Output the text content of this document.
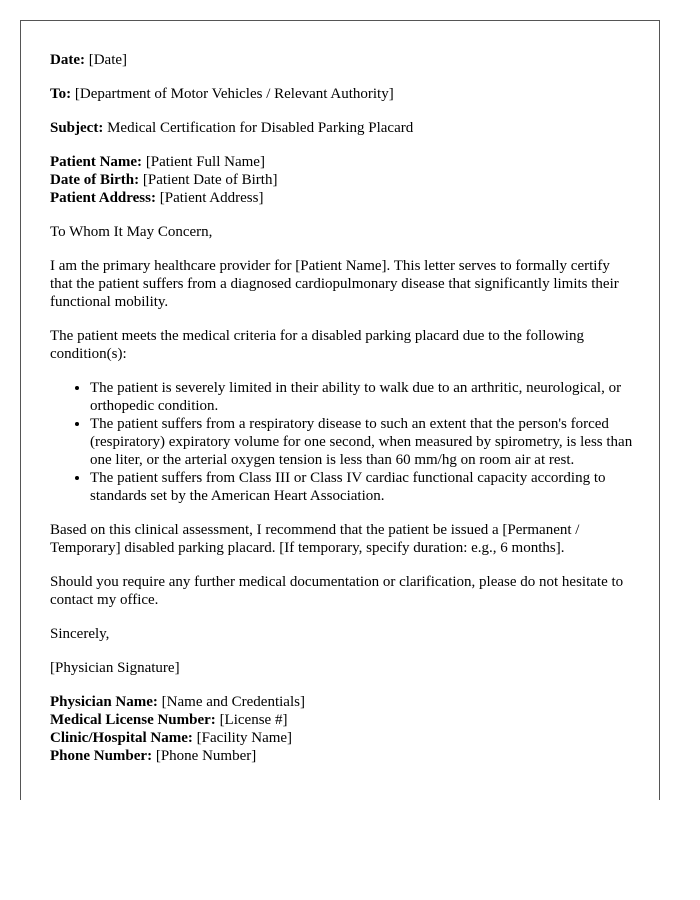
Date: [Date]

To: [Department of Motor Vehicles / Relevant Authority]

Subject: Medical Certification for Disabled Parking Placard

Patient Name: [Patient Full Name]
Date of Birth: [Patient Date of Birth]
Patient Address: [Patient Address]

To Whom It May Concern,

I am the primary healthcare provider for [Patient Name]. This letter serves to formally certify that the patient suffers from a diagnosed cardiopulmonary disease that significantly limits their functional mobility.

The patient meets the medical criteria for a disabled parking placard due to the following condition(s):

• The patient is severely limited in their ability to walk due to an arthritic, neurological, or orthopedic condition.
• The patient suffers from a respiratory disease to such an extent that the person's forced (respiratory) expiratory volume for one second, when measured by spirometry, is less than one liter, or the arterial oxygen tension is less than 60 mm/hg on room air at rest.
• The patient suffers from Class III or Class IV cardiac functional capacity according to standards set by the American Heart Association.

Based on this clinical assessment, I recommend that the patient be issued a [Permanent / Temporary] disabled parking placard. [If temporary, specify duration: e.g., 6 months].

Should you require any further medical documentation or clarification, please do not hesitate to contact my office.

Sincerely,

[Physician Signature]

Physician Name: [Name and Credentials]
Medical License Number: [License #]
Clinic/Hospital Name: [Facility Name]
Phone Number: [Phone Number]
